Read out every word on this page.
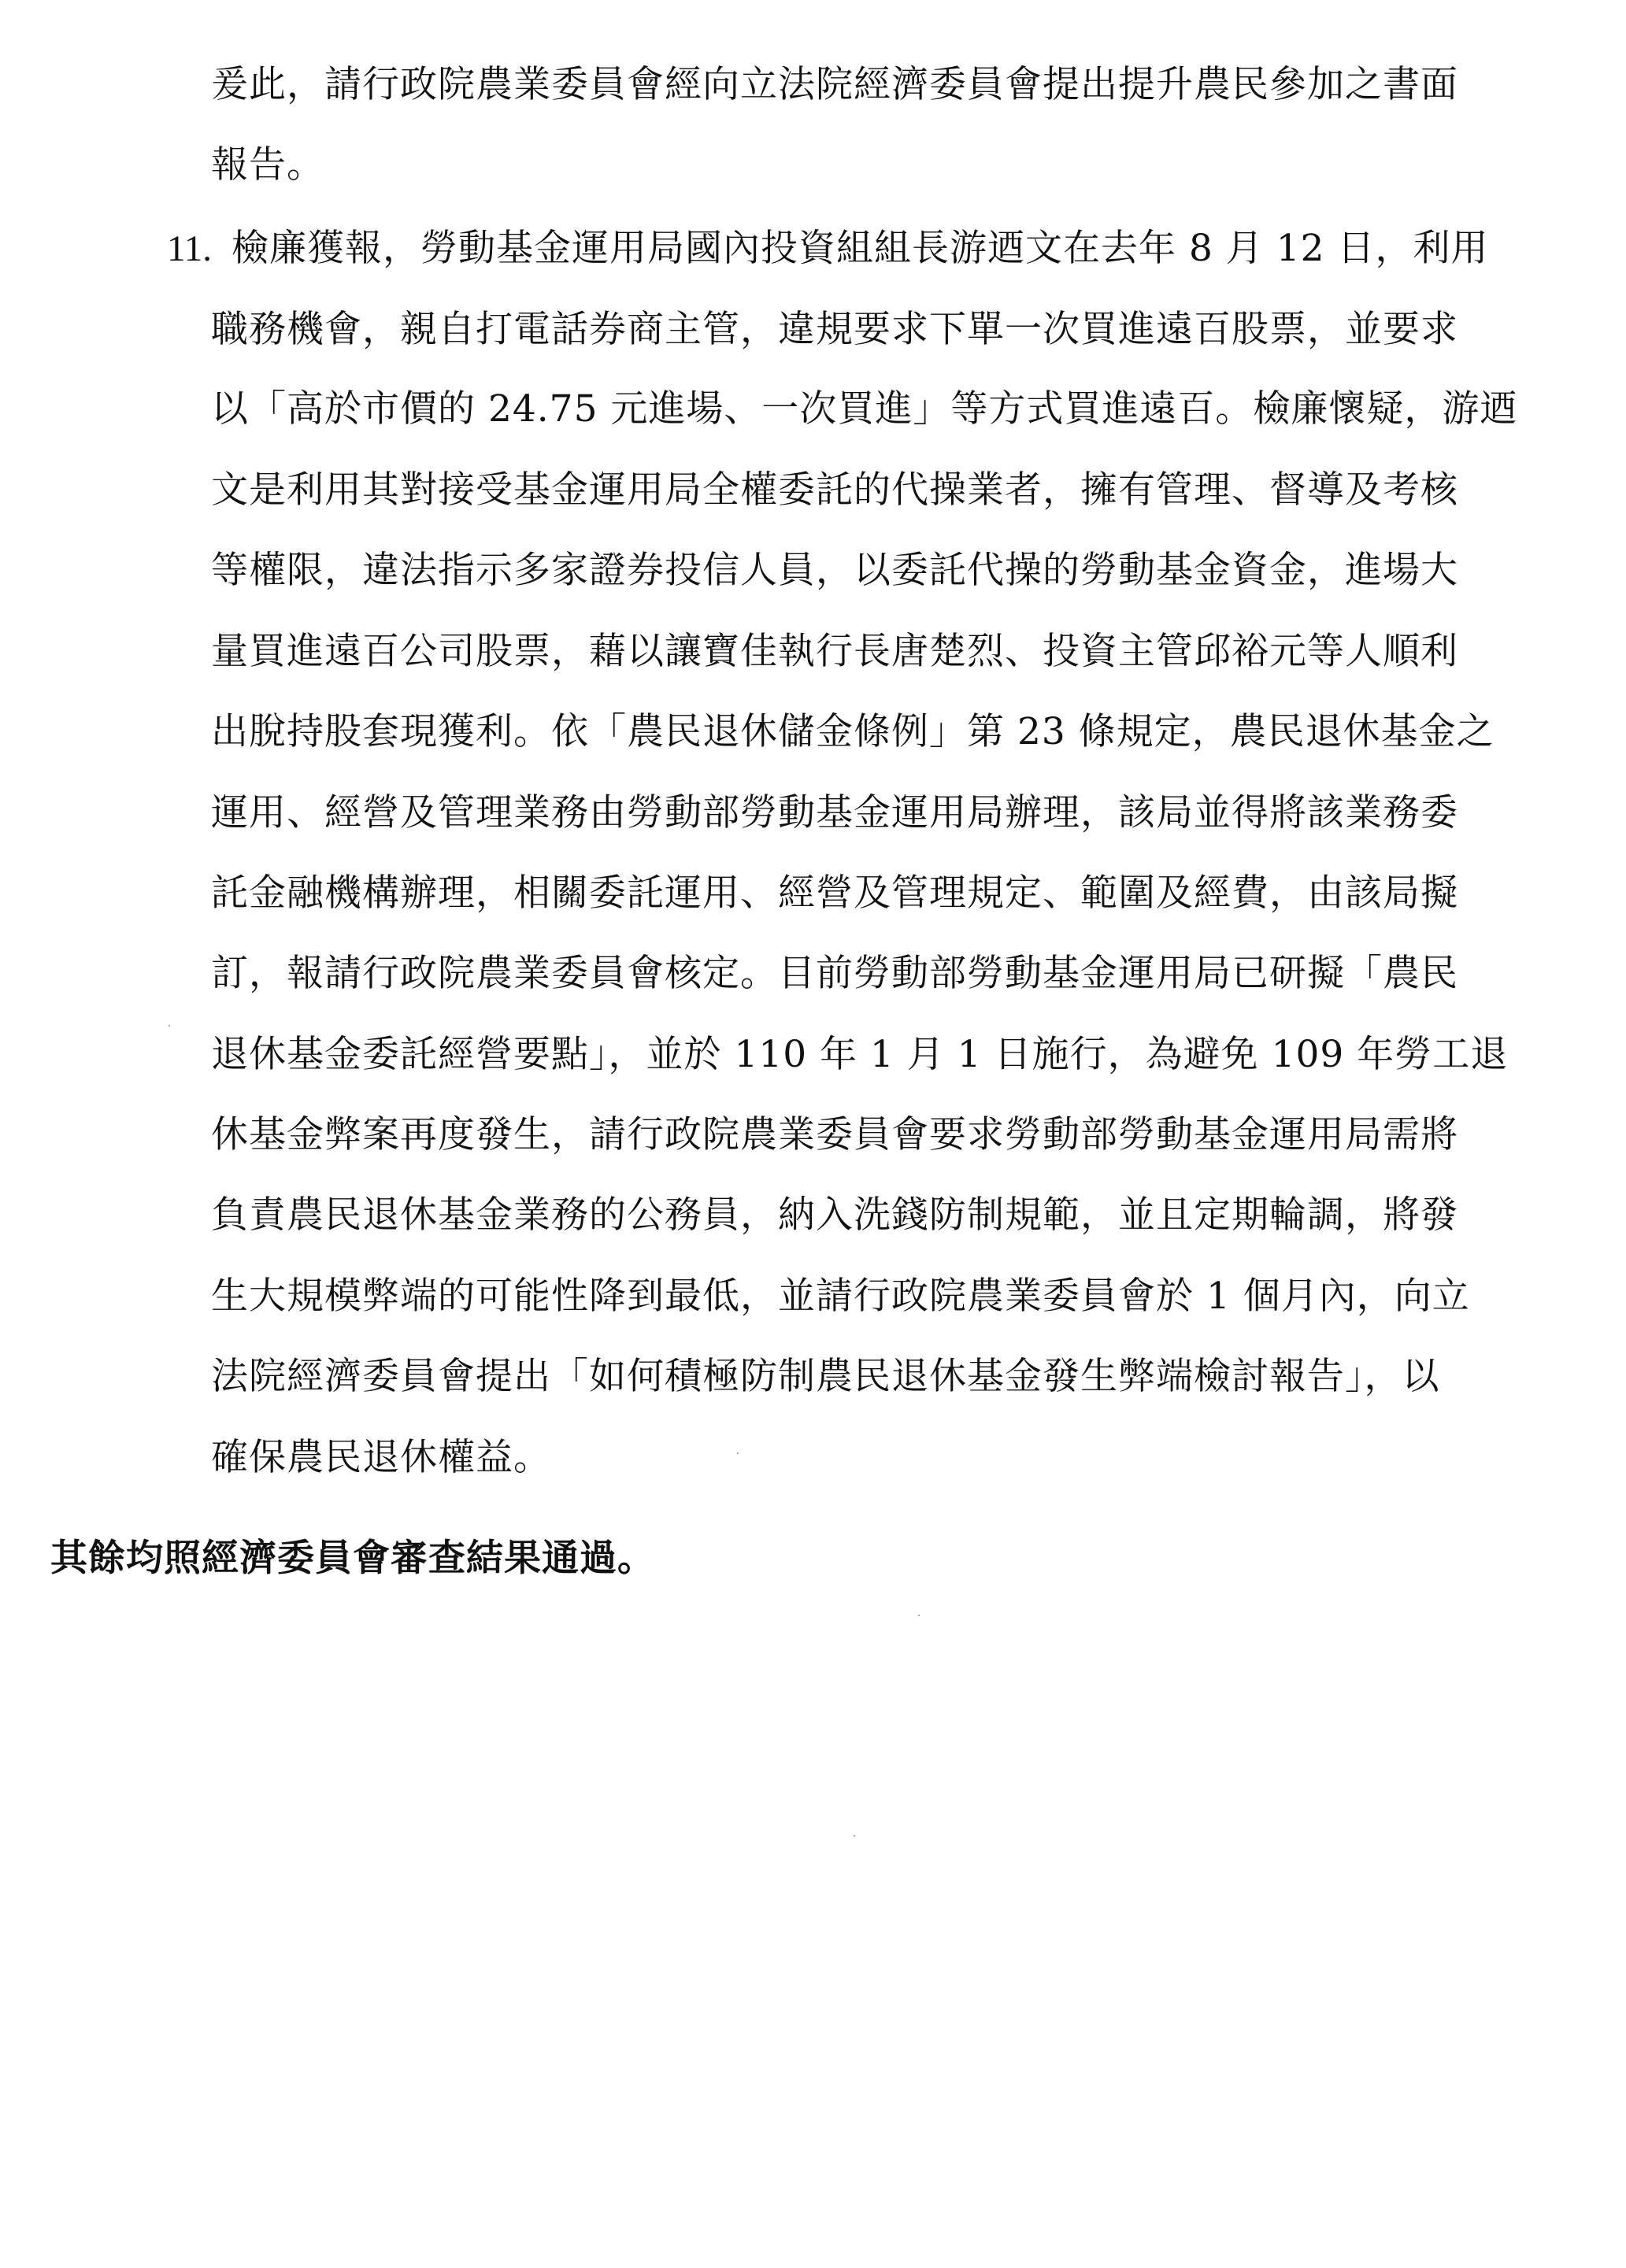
爰此，請行政院農業委員會經向立法院經濟委員會提出提升農民參加之書面
報告。
11. 檢廉獲報，勞動基金運用局國內投資組組長游迺文在去年 8 月 12 日，利用
職務機會，親自打電話券商主管，違規要求下單一次買進遠百股票，並要求
以「高於市價的 24.75 元進場、一次買進」等方式買進遠百。檢廉懷疑，游迺
文是利用其對接受基金運用局全權委託的代操業者，擁有管理、督導及考核
等權限，違法指示多家證券投信人員，以委託代操的勞動基金資金，進場大
量買進遠百公司股票，藉以讓寶佳執行長唐楚烈、投資主管邱裕元等人順利
出脫持股套現獲利。依「農民退休儲金條例」第 23 條規定，農民退休基金之
運用、經營及管理業務由勞動部勞動基金運用局辦理，該局並得將該業務委
託金融機構辦理，相關委託運用、經營及管理規定、範圍及經費，由該局擬
訂，報請行政院農業委員會核定。目前勞動部勞動基金運用局已研擬「農民
退休基金委託經營要點」，並於 110 年 1 月 1 日施行，為避免 109 年勞工退
休基金弊案再度發生，請行政院農業委員會要求勞動部勞動基金運用局需將
負責農民退休基金業務的公務員，納入洗錢防制規範，並且定期輪調，將發
生大規模弊端的可能性降到最低，並請行政院農業委員會於 1 個月內，向立
法院經濟委員會提出「如何積極防制農民退休基金發生弊端檢討報告」，以
確保農民退休權益。
其餘均照經濟委員會審查結果通過。
